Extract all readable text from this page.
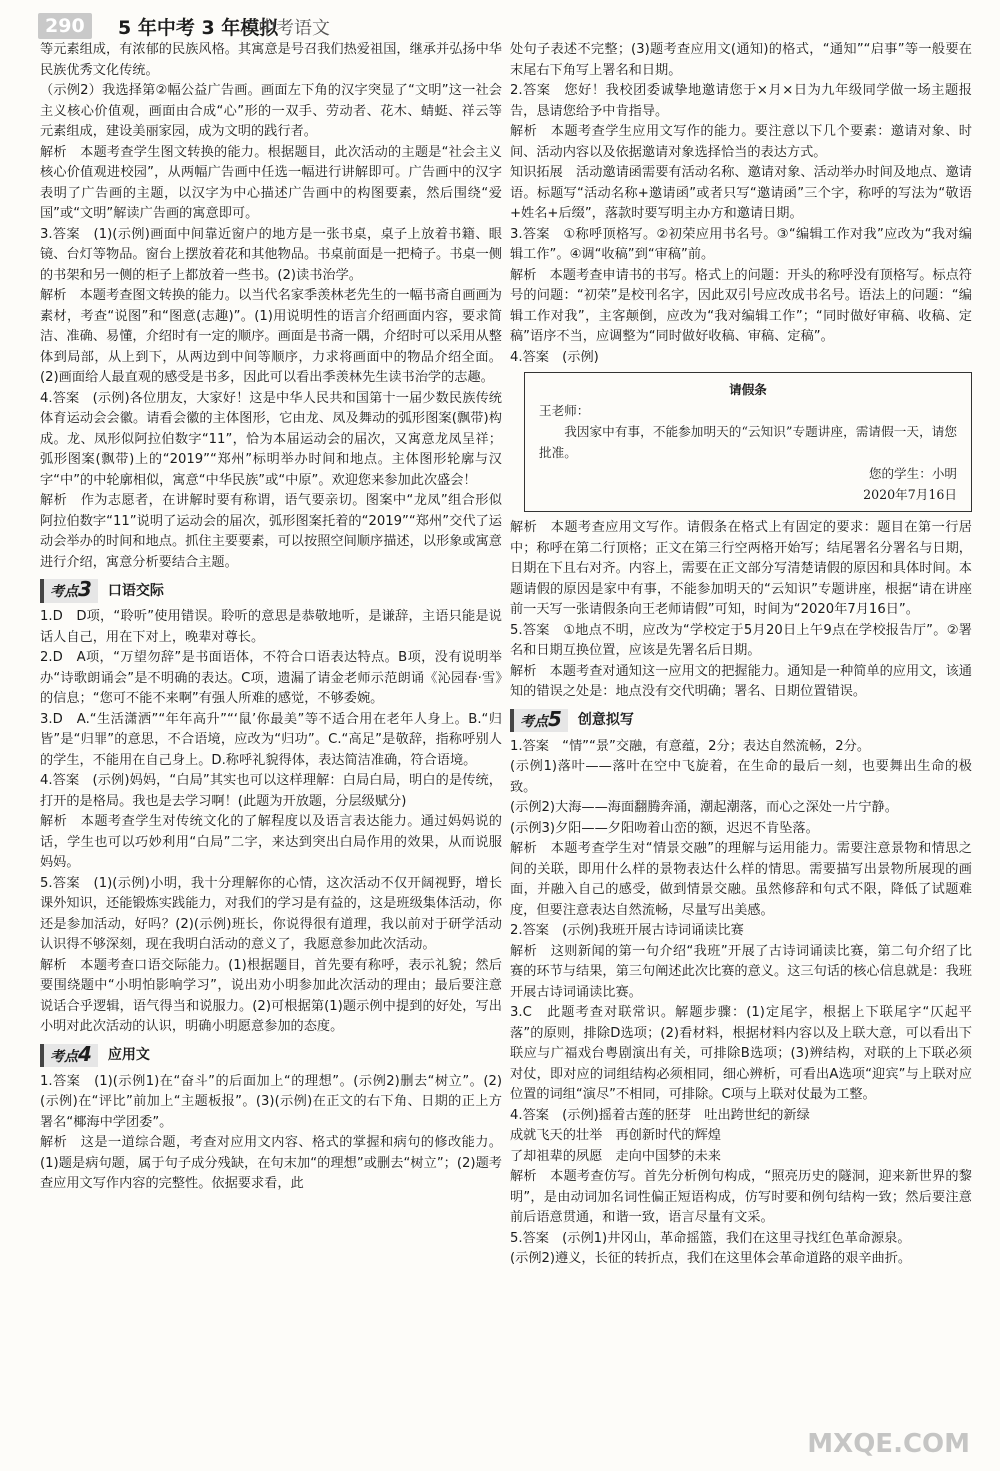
290	5 年中考 3 年模拟
中考语文

等元素组成，有浓郁的民族风格。其寓意是号召我们热爱祖国，继承并弘扬中华民族优秀文化传统。

（示例2）我选择第②幅公益广告画。画面左下角的汉字突显了“文明”这一社会主义核心价值观，画面由合成“心”形的一双手、劳动者、花木、蜻蜓、祥云等元素组成，建设美丽家园，成为文明的践行者。

解析　本题考查学生图文转换的能力。根据题目，此次活动的主题是“社会主义核心价值观进校园”，从两幅广告画中任选一幅进行讲解即可。广告画中的汉字表明了广告画的主题，以汉字为中心描述广告画中的构图要素，然后围绕“爱国”或“文明”解读广告画的寓意即可。

3.答案　(1)(示例)画面中间靠近窗户的地方是一张书桌，桌子上放着书籍、眼镜、台灯等物品。窗台上摆放着花和其他物品。书桌前面是一把椅子。书桌一侧的书架和另一侧的柜子上都放着一些书。(2)读书治学。

解析　本题考查图文转换的能力。以当代名家季羡林老先生的一幅书斋自画画为素材，考查“说图”和“图意(志趣)”。(1)用说明性的语言介绍画面内容，要求简洁、准确、易懂，介绍时有一定的顺序。画面是书斋一隅，介绍时可以采用从整体到局部，从上到下，从两边到中间等顺序，力求将画面中的物品介绍全面。(2)画面给人最直观的感受是书多，因此可以看出季羡林先生读书治学的志趣。

4.答案　(示例)各位朋友，大家好！这是中华人民共和国第十一届少数民族传统体育运动会会徽。请看会徽的主体图形，它由龙、凤及舞动的弧形图案(飘带)构成。龙、凤形似阿拉伯数字“11”，恰为本届运动会的届次，又寓意龙凤呈祥；弧形图案(飘带)上的“2019”“郑州”标明举办时间和地点。主体图形轮廓与汉字“中”的中轮廓相似，寓意“中华民族”或“中原”。欢迎您来参加此次盛会！

解析　作为志愿者，在讲解时要有称谓，语气要亲切。图案中“龙凤”组合形似阿拉伯数字“11”说明了运动会的届次，弧形图案托着的“2019”“郑州”交代了运动会举办的时间和地点。抓住主要要素，可以按照空间顺序描述，以形象或寓意进行介绍，寓意分析要结合主题。

考点3	口语交际

1.D　D项，“聆听”使用错误。聆听的意思是恭敬地听，是谦辞，主语只能是说话人自己，用在下对上，晚辈对尊长。

2.D　A项，“万望勿辞”是书面语体，不符合口语表达特点。B项，没有说明举办“诗歌朗诵会”是不明确的表达。C项，遗漏了请金老师示范朗诵《沁园春·雪》的信息；“您可不能不来啊”有强人所难的感觉，不够委婉。

3.D　A.“生活潇洒”“年年高升”“‘鼠’你最美”等不适合用在老年人身上。B.“归皆”是“归罪”的意思，不合语境，应改为“归功”。C.“高足”是敬辞，指称呼别人的学生，不能用在自己身上。D.称呼礼貌得体，表达简洁准确，符合语境。

4.答案　(示例)妈妈，“白局”其实也可以这样理解：白局白局，明白的是传统，打开的是格局。我也是去学习啊！(此题为开放题，分层级赋分)

解析　本题考查学生对传统文化的了解程度以及语言表达能力。通过妈妈说的话，学生也可以巧妙利用“白局”二字，来达到突出白局作用的效果，从而说服妈妈。

5.答案　(1)(示例)小明，我十分理解你的心情，这次活动不仅开阔视野，增长课外知识，还能锻炼实践能力，对我们的学习是有益的，这是班级集体活动，你还是参加活动，好吗？(2)(示例)班长，你说得很有道理，我以前对于研学活动认识得不够深刻，现在我明白活动的意义了，我愿意参加此次活动。

解析　本题考查口语交际能力。(1)根据题目，首先要有称呼，表示礼貌；然后要围绕题中“小明怕影响学习”，说出劝小明参加此次活动的理由；最后要注意说话合乎逻辑，语气得当和说服力。(2)可根据第(1)题示例中提到的好处，写出小明对此次活动的认识，明确小明愿意参加的态度。

考点4	应用文

1.答案　(1)(示例1)在“奋斗”的后面加上“的理想”。(示例2)删去“树立”。(2)(示例)在“评比”前加上“主题板报”。(3)(示例)在正文的右下角、日期的正上方署名“椰海中学团委”。

解析　这是一道综合题，考查对应用文内容、格式的掌握和病句的修改能力。(1)题是病句题，属于句子成分残缺，在句末加“的理想”或删去“树立”；(2)题考查应用文写作内容的完整性。依据要求看，此

处句子表述不完整；(3)题考查应用文(通知)的格式，“通知”“启事”等一般要在末尾右下角写上署名和日期。

2.答案　您好！我校团委诚挚地邀请您于×月×日为九年级同学做一场主题报告，恳请您给予中肯指导。

解析　本题考查学生应用文写作的能力。要注意以下几个要素：邀请对象、时间、活动内容以及依据邀请对象选择恰当的表达方式。

知识拓展　活动邀请函需要有活动名称、邀请对象、活动举办时间及地点、邀请语。标题写“活动名称+邀请函”或者只写“邀请函”三个字，称呼的写法为“敬语+姓名+后缀”，落款时要写明主办方和邀请日期。

3.答案　①称呼顶格写。②初荣应用书名号。③“编辑工作对我”应改为“我对编辑工作”。④调“收稿”到“审稿”前。

解析　本题考查申请书的书写。格式上的问题：开头的称呼没有顶格写。标点符号的问题：“初荣”是校刊名字，因此双引号应改成书名号。语法上的问题：“编辑工作对我”，主客颠倒，应改为“我对编辑工作”；“同时做好审稿、收稿、定稿”语序不当，应调整为“同时做好收稿、审稿、定稿”。

4.答案　(示例)

请假条
王老师：
我因家中有事，不能参加明天的“云知识”专题讲座，需请假一天，请您批准。
您的学生：小明
2020年7月16日

解析　本题考查应用文写作。请假条在格式上有固定的要求：题目在第一行居中；称呼在第二行顶格；正文在第三行空两格开始写；结尾署名分署名与日期，日期在下且右对齐。内容上，需要在正文部分写清楚请假的原因和具体时间。本题请假的原因是家中有事，不能参加明天的“云知识”专题讲座，根据“请在讲座前一天写一张请假条向王老师请假”可知，时间为“2020年7月16日”。

5.答案　①地点不明，应改为“学校定于5月20日上午9点在学校报告厅”。②署名和日期互换位置，应该是先署名后日期。

解析　本题考查对通知这一应用文的把握能力。通知是一种简单的应用文，该通知的错误之处是：地点没有交代明确；署名、日期位置错误。

考点5	创意拟写

1.答案　“情”“景”交融，有意蕴，2分；表达自然流畅，2分。

(示例1)落叶——落叶在空中飞旋着，在生命的最后一刻，也要舞出生命的极致。

(示例2)大海——海面翻腾奔涌，潮起潮落，而心之深处一片宁静。

(示例3)夕阳——夕阳吻着山峦的额，迟迟不肯坠落。

解析　本题考查学生对“情景交融”的理解与运用能力。需要注意景物和情思之间的关联，即用什么样的景物表达什么样的情思。需要描写出景物所展现的画面，并融入自己的感受，做到情景交融。虽然修辞和句式不限，降低了试题难度，但要注意表达自然流畅，尽量写出美感。

2.答案　(示例)我班开展古诗词诵读比赛

解析　这则新闻的第一句介绍“我班”开展了古诗词诵读比赛，第二句介绍了比赛的环节与结果，第三句阐述此次比赛的意义。这三句话的核心信息就是：我班开展古诗词诵读比赛。

3.C　此题考查对联常识。解题步骤：(1)定尾字，根据上下联尾字“仄起平落”的原则，排除D选项；(2)看材料，根据材料内容以及上联大意，可以看出下联应与广福戏台粤剧演出有关，可排除B选项；(3)辨结构，对联的上下联必须对仗，即对应的词组结构必须相同，细心辨析，可看出A选项“迎宾”与上联对应位置的词组“演尽”不相同，可排除。C项与上联对仗最为工整。

4.答案　(示例)摇着古莲的胚芽　吐出跨世纪的新绿

成就飞天的壮举　再创新时代的辉煌

了却祖辈的夙愿　走向中国梦的未来

解析　本题考查仿写。首先分析例句构成，“照亮历史的隧洞，迎来新世界的黎明”，是由动词加名词性偏正短语构成，仿写时要和例句结构一致；然后要注意前后语意贯通，和谐一致，语言尽量有文采。

5.答案　(示例1)井冈山，革命摇篮，我们在这里寻找红色革命源泉。

(示例2)遵义，长征的转折点，我们在这里体会革命道路的艰辛曲折。

MXQE.COM
